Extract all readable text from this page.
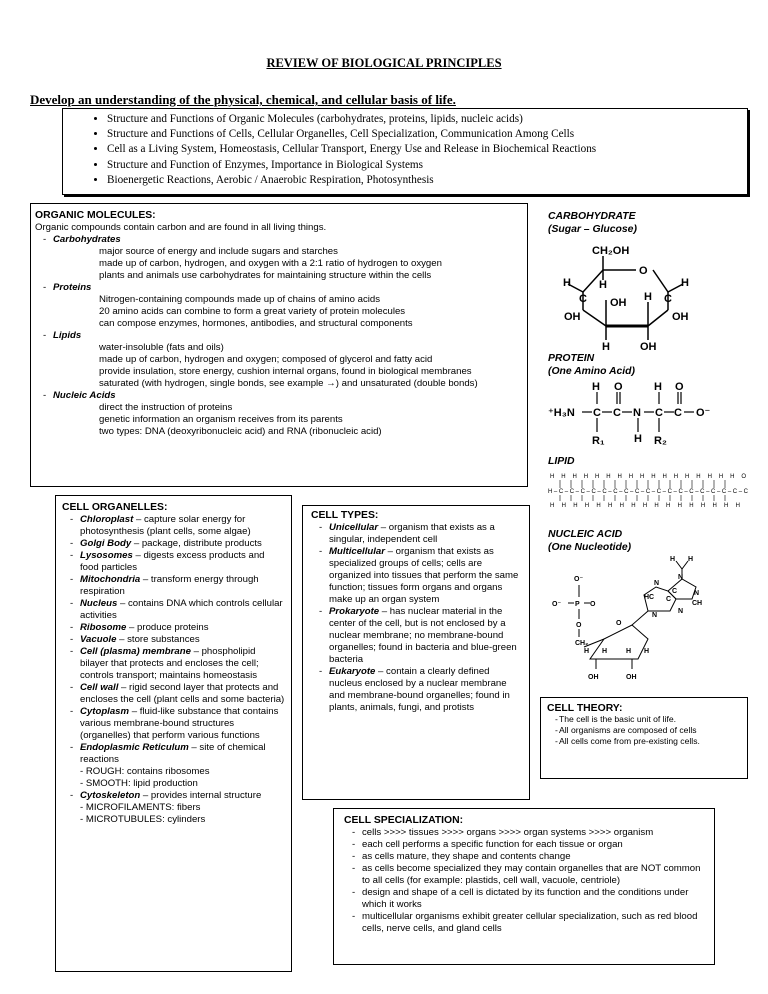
REVIEW OF BIOLOGICAL PRINCIPLES
Develop an understanding of the physical, chemical, and cellular basis of life.
• Structure and Functions of Organic Molecules (carbohydrates, proteins, lipids, nucleic acids)
• Structure and Functions of Cells, Cellular Organelles, Cell Specialization, Communication Among Cells
• Cell as a Living System, Homeostasis, Cellular Transport, Energy Use and Release in Biochemical Reactions
• Structure and Function of Enzymes, Importance in Biological Systems
• Bioenergetic Reactions, Aerobic / Anaerobic Respiration, Photosynthesis
ORGANIC MOLECULES:
Organic compounds contain carbon and are found in all living things.
- Carbohydrates
major source of energy and include sugars and starches
made up of carbon, hydrogen, and oxygen with a 2:1 ratio of hydrogen to oxygen
plants and animals use carbohydrates for maintaining structure within the cells
- Proteins
Nitrogen-containing compounds made up of chains of amino acids
20 amino acids can combine to form a great variety of protein molecules
can compose enzymes, hormones, antibodies, and structural components
- Lipids
water-insoluble (fats and oils)
made up of carbon, hydrogen and oxygen; composed of glycerol and fatty acid
provide insulation, store energy, cushion internal organs, found in biological membranes
saturated (with hydrogen, single bonds, see example →) and unsaturated (double bonds)
- Nucleic Acids
direct the instruction of proteins
genetic information an organism receives from its parents
two types: DNA (deoxyribonucleic acid) and RNA (ribonucleic acid)
CARBOHYDRATE
(Sugar – Glucose)
CH₂OH
O
H	H
H
C	C
OH H
OH	OH
H	OH
PROTEIN
(One Amino Acid)
H O	H O
⁺H₃N C C N C C O⁻
R₁	H R₂
LIPID
H H H H H H H H H H H H H H H H H O
H–C–C–C–C–C–C–C–C–C–C–C–C–C–C–C–C–C–C
H H H H H H H H H H H H H H H H H
NUCLEIC ACID
(One Nucleotide)
O⁻
O⁻ P O
O
CH₂
O
H	H
H	H
OH	OH
HC
N
C
C
N
N
N
CH
N
H H
CELL ORGANELLES:
- Chloroplast – capture solar energy for photosynthesis (plant cells, some algae)
- Golgi Body – package, distribute products
- Lysosomes – digests excess products and food particles
- Mitochondria – transform energy through respiration
- Nucleus – contains DNA which controls cellular activities
- Ribosome – produce proteins
- Vacuole – store substances
- Cell (plasma) membrane – phospholipid bilayer that protects and encloses the cell; controls transport; maintains homeostasis
- Cell wall – rigid second layer that protects and encloses the cell (plant cells and some bacteria)
- Cytoplasm – fluid-like substance that contains various membrane-bound structures (organelles) that perform various functions
- Endoplasmic Reticulum – site of chemical reactions
- ROUGH: contains ribosomes
- SMOOTH: lipid production
- Cytoskeleton – provides internal structure
- MICROFILAMENTS: fibers
- MICROTUBULES: cylinders
CELL TYPES:
- Unicellular – organism that exists as a singular, independent cell
- Multicellular – organism that exists as specialized groups of cells; cells are organized into tissues that perform the same function; tissues form organs and organs make up an organ system
- Prokaryote – has nuclear material in the center of the cell, but is not enclosed by a nuclear membrane; no membrane-bound organelles; found in bacteria and blue-green bacteria
- Eukaryote – contain a clearly defined nucleus enclosed by a nuclear membrane and membrane-bound organelles; found in plants, animals, fungi, and protists	CELL THEORY:
- The cell is the basic unit of life.
- All organisms are composed of cells
- All cells come from pre-existing cells.
CELL SPECIALIZATION:
- cells >>>> tissues >>>> organs >>>> organ systems >>>> organism
- each cell performs a specific function for each tissue or organ
- as cells mature, they shape and contents change
- as cells become specialized they may contain organelles that are NOT common to all cells (for example: plastids, cell wall, vacuole, centriole)
- design and shape of a cell is dictated by its function and the conditions under which it works
- multicellular organisms exhibit greater cellular specialization, such as red blood cells, nerve cells, and gland cells
